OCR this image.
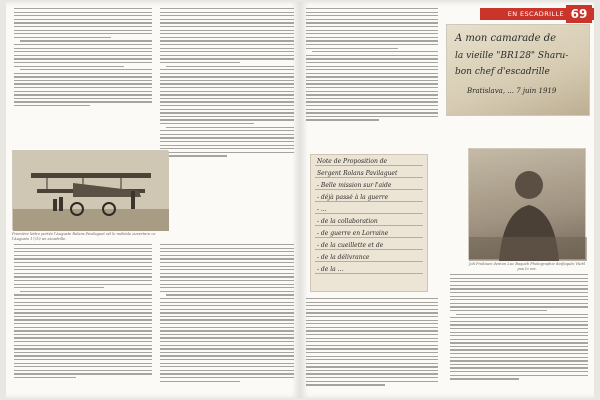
Première lettre portée l'Auguste Rolans Pavilaguet sel le mèbiole ouverture ce l'Augusto 17/19 un escadrille.
EN ESCADRILLE 69
A mon camarade de
la vieille "BR128" Sharu-
bon chef d'escadrille
Bratislava, ... 7 juin 1919
Note de Proposition de
Sergent Rolans Pavilaguet
- Belle mission sur l'aide
- déjà passé à la guerre
- ...
- de la collaboration
- de guerre en Lorraine
- de la cueillette et de
- de la délivrance
- de la ...
Joli Prokiuen denton Luc Baqueb Photographie desfaqués Vtebl pou lo res.
